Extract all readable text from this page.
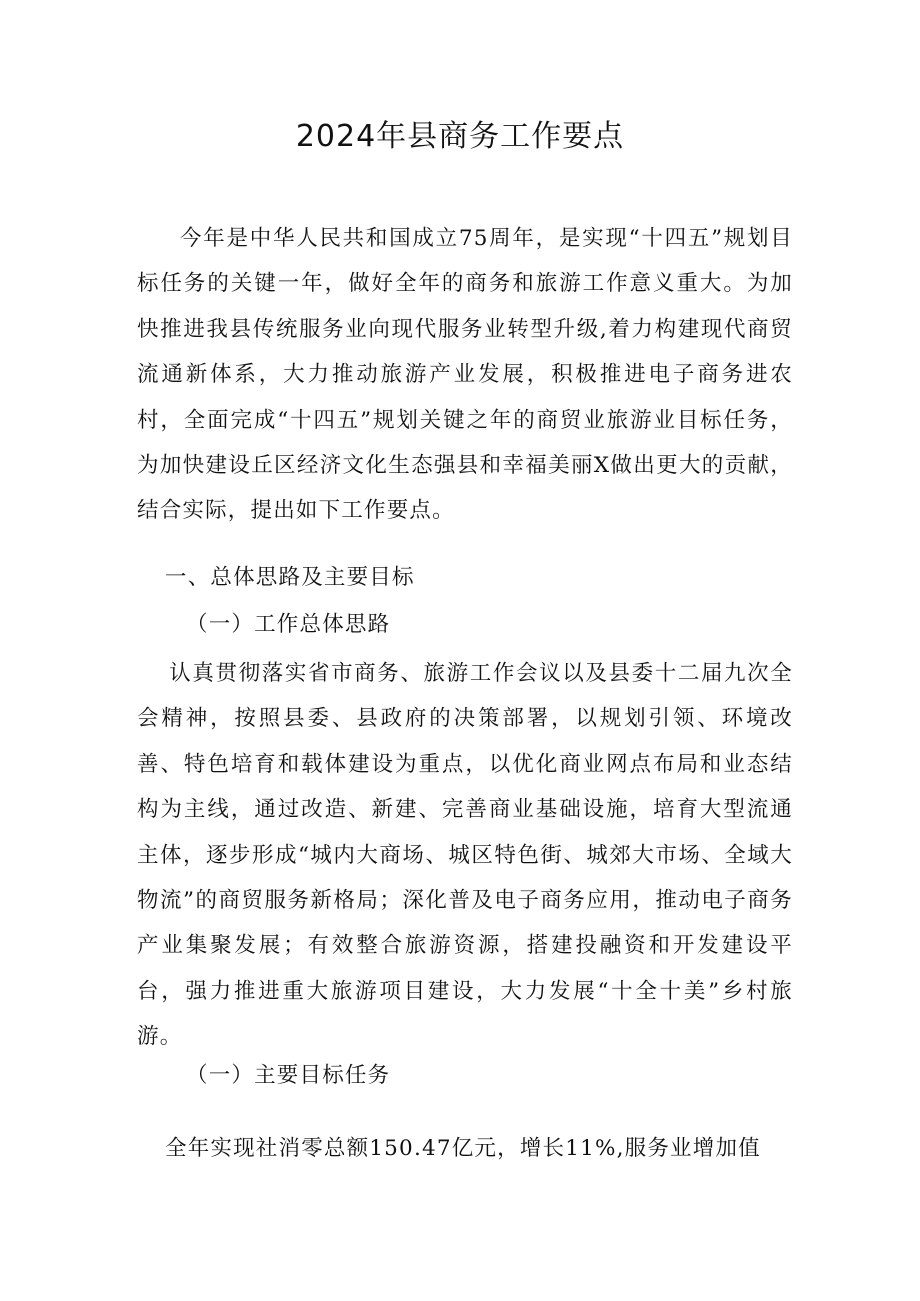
2024年县商务工作要点

今年是中华人民共和国成立75周年，是实现“十四五”规划目标任务的关键一年，做好全年的商务和旅游工作意义重大。为加快推进我县传统服务业向现代服务业转型升级,着力构建现代商贸流通新体系，大力推动旅游产业发展，积极推进电子商务进农村，全面完成“十四五”规划关键之年的商贸业旅游业目标任务，为加快建设丘区经济文化生态强县和幸福美丽X做出更大的贡献，结合实际，提出如下工作要点。

一、总体思路及主要目标
（一）工作总体思路

认真贯彻落实省市商务、旅游工作会议以及县委十二届九次全会精神，按照县委、县政府的决策部署，以规划引领、环境改善、特色培育和载体建设为重点，以优化商业网点布局和业态结构为主线，通过改造、新建、完善商业基础设施，培育大型流通主体，逐步形成“城内大商场、城区特色街、城郊大市场、全域大物流”的商贸服务新格局；深化普及电子商务应用，推动电子商务产业集聚发展；有效整合旅游资源，搭建投融资和开发建设平台，强力推进重大旅游项目建设，大力发展“十全十美”乡村旅游。

（一）主要目标任务

全年实现社消零总额150.47亿元，增长11%,服务业增加值
